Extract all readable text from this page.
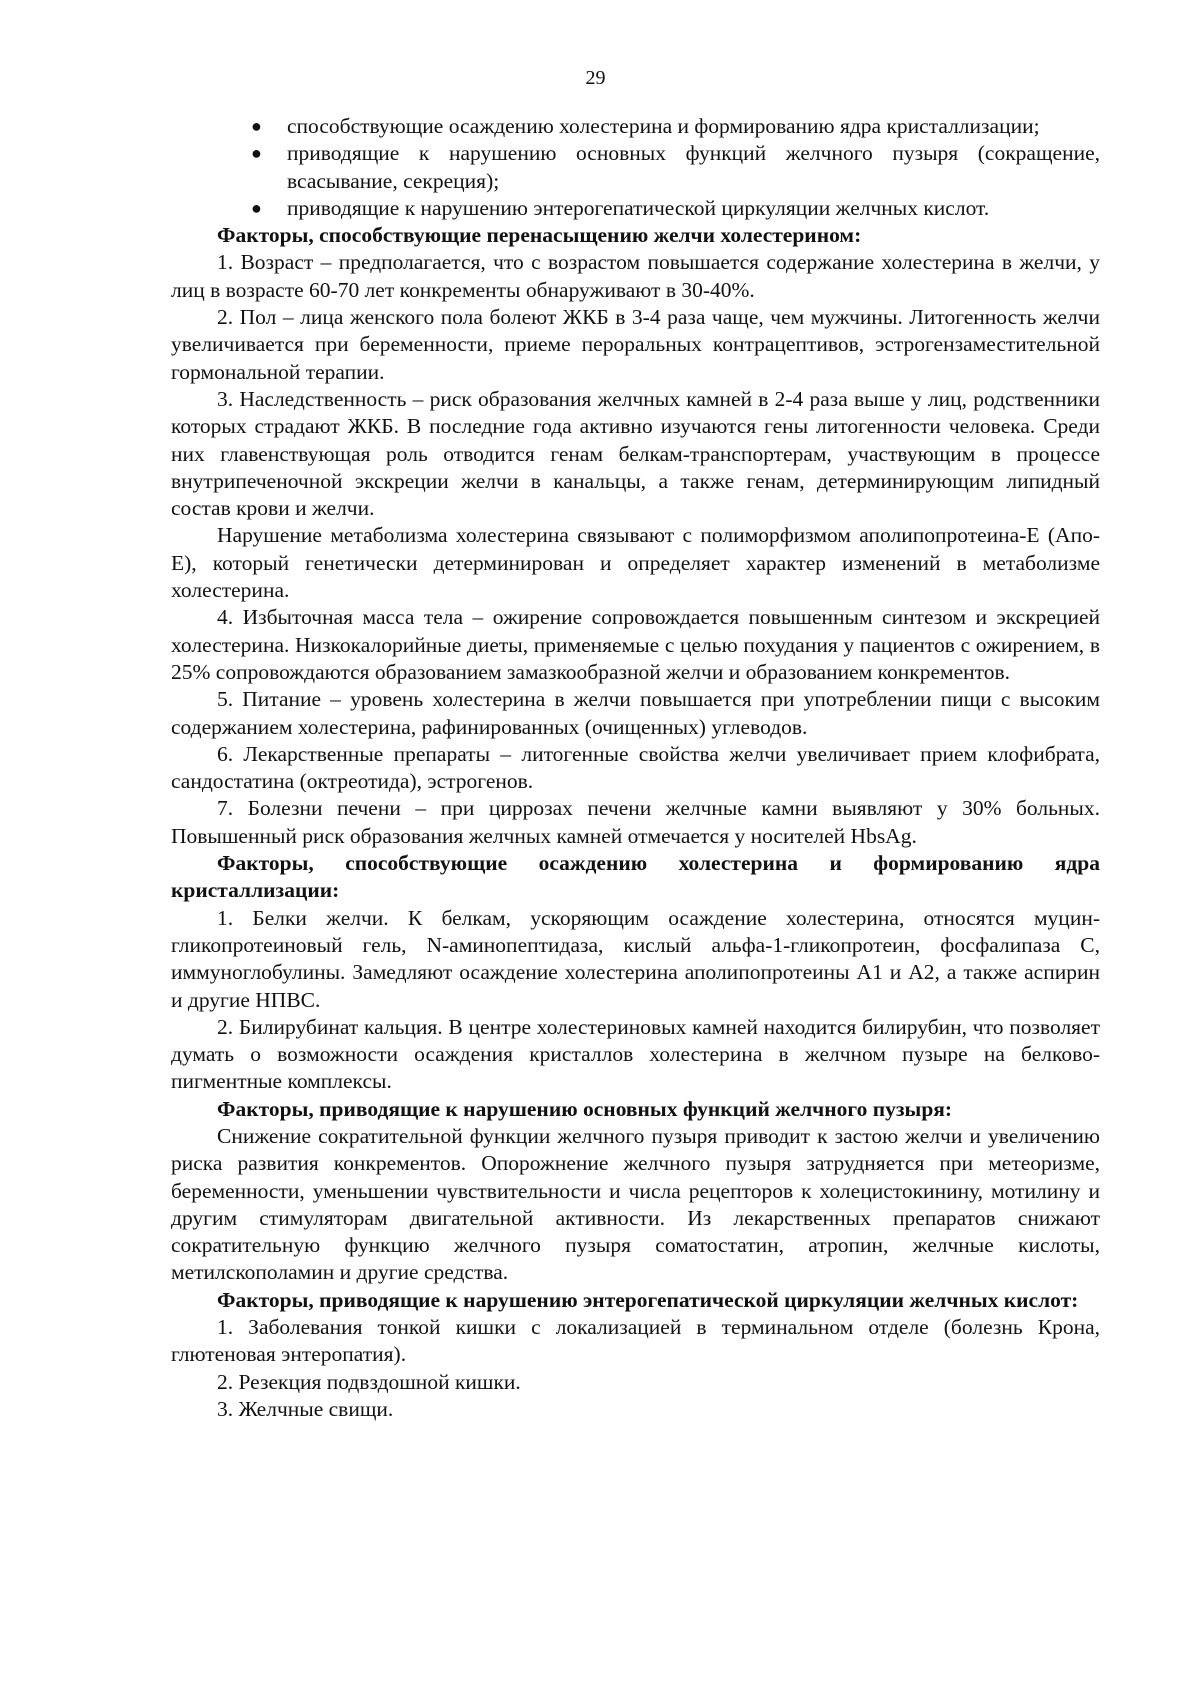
29
● способствующие осаждению холестерина и формированию ядра кристаллизации;
● приводящие к нарушению основных функций желчного пузыря (сокращение, всасывание, секреция);
● приводящие к нарушению энтерогепатической циркуляции желчных кислот.

Факторы, способствующие перенасыщению желчи холестерином:

1. Возраст – предполагается, что с возрастом повышается содержание холестерина в желчи, у лиц в возрасте 60-70 лет конкременты обнаруживают в 30-40%.

2. Пол – лица женского пола болеют ЖКБ в 3-4 раза чаще, чем мужчины. Литогенность желчи увеличивается при беременности, приеме пероральных контрацептивов, эстрогензаместительной гормональной терапии.

3. Наследственность – риск образования желчных камней в 2-4 раза выше у лиц, родственники которых страдают ЖКБ. В последние года активно изучаются гены литогенности человека. Среди них главенствующая роль отводится генам белкам-транспортерам, участвующим в процессе внутрипеченочной экскреции желчи в канальцы, а также генам, детерминирующим липидный состав крови и желчи.

Нарушение метаболизма холестерина связывают с полиморфизмом аполипопротеина-Е (Апо-Е), который генетически детерминирован и определяет характер изменений в метаболизме холестерина.

4. Избыточная масса тела – ожирение сопровождается повышенным синтезом и экскрецией холестерина. Низкокалорийные диеты, применяемые с целью похудания у пациентов с ожирением, в 25% сопровождаются образованием замазкообразной желчи и образованием конкрементов.

5. Питание – уровень холестерина в желчи повышается при употреблении пищи с высоким содержанием холестерина, рафинированных (очищенных) углеводов.

6. Лекарственные препараты – литогенные свойства желчи увеличивает прием клофибрата, сандостатина (октреотида), эстрогенов.

7. Болезни печени – при циррозах печени желчные камни выявляют у 30% больных. Повышенный риск образования желчных камней отмечается у носителей HbsAg.

Факторы, способствующие осаждению холестерина и формированию ядра кристаллизации:

1. Белки желчи. К белкам, ускоряющим осаждение холестерина, относятся муцин-гликопротеиновый гель, N-аминопептидаза, кислый альфа-1-гликопротеин, фосфалипаза С, иммуноглобулины. Замедляют осаждение холестерина аполипопротеины А1 и А2, а также аспирин и другие НПВС.

2. Билирубинат кальция. В центре холестериновых камней находится билирубин, что позволяет думать о возможности осаждения кристаллов холестерина в желчном пузыре на белково-пигментные комплексы.

Факторы, приводящие к нарушению основных функций желчного пузыря:

Снижение сократительной функции желчного пузыря приводит к застою желчи и увеличению риска развития конкрементов. Опорожнение желчного пузыря затрудняется при метеоризме, беременности, уменьшении чувствительности и числа рецепторов к холецистокинину, мотилину и другим стимуляторам двигательной активности. Из лекарственных препаратов снижают сократительную функцию желчного пузыря соматостатин, атропин, желчные кислоты, метилскополамин и другие средства.

Факторы, приводящие к нарушению энтерогепатической циркуляции желчных кислот:

1. Заболевания тонкой кишки с локализацией в терминальном отделе (болезнь Крона, глютеновая энтеропатия).

2. Резекция подвздошной кишки.

3. Желчные свищи.
